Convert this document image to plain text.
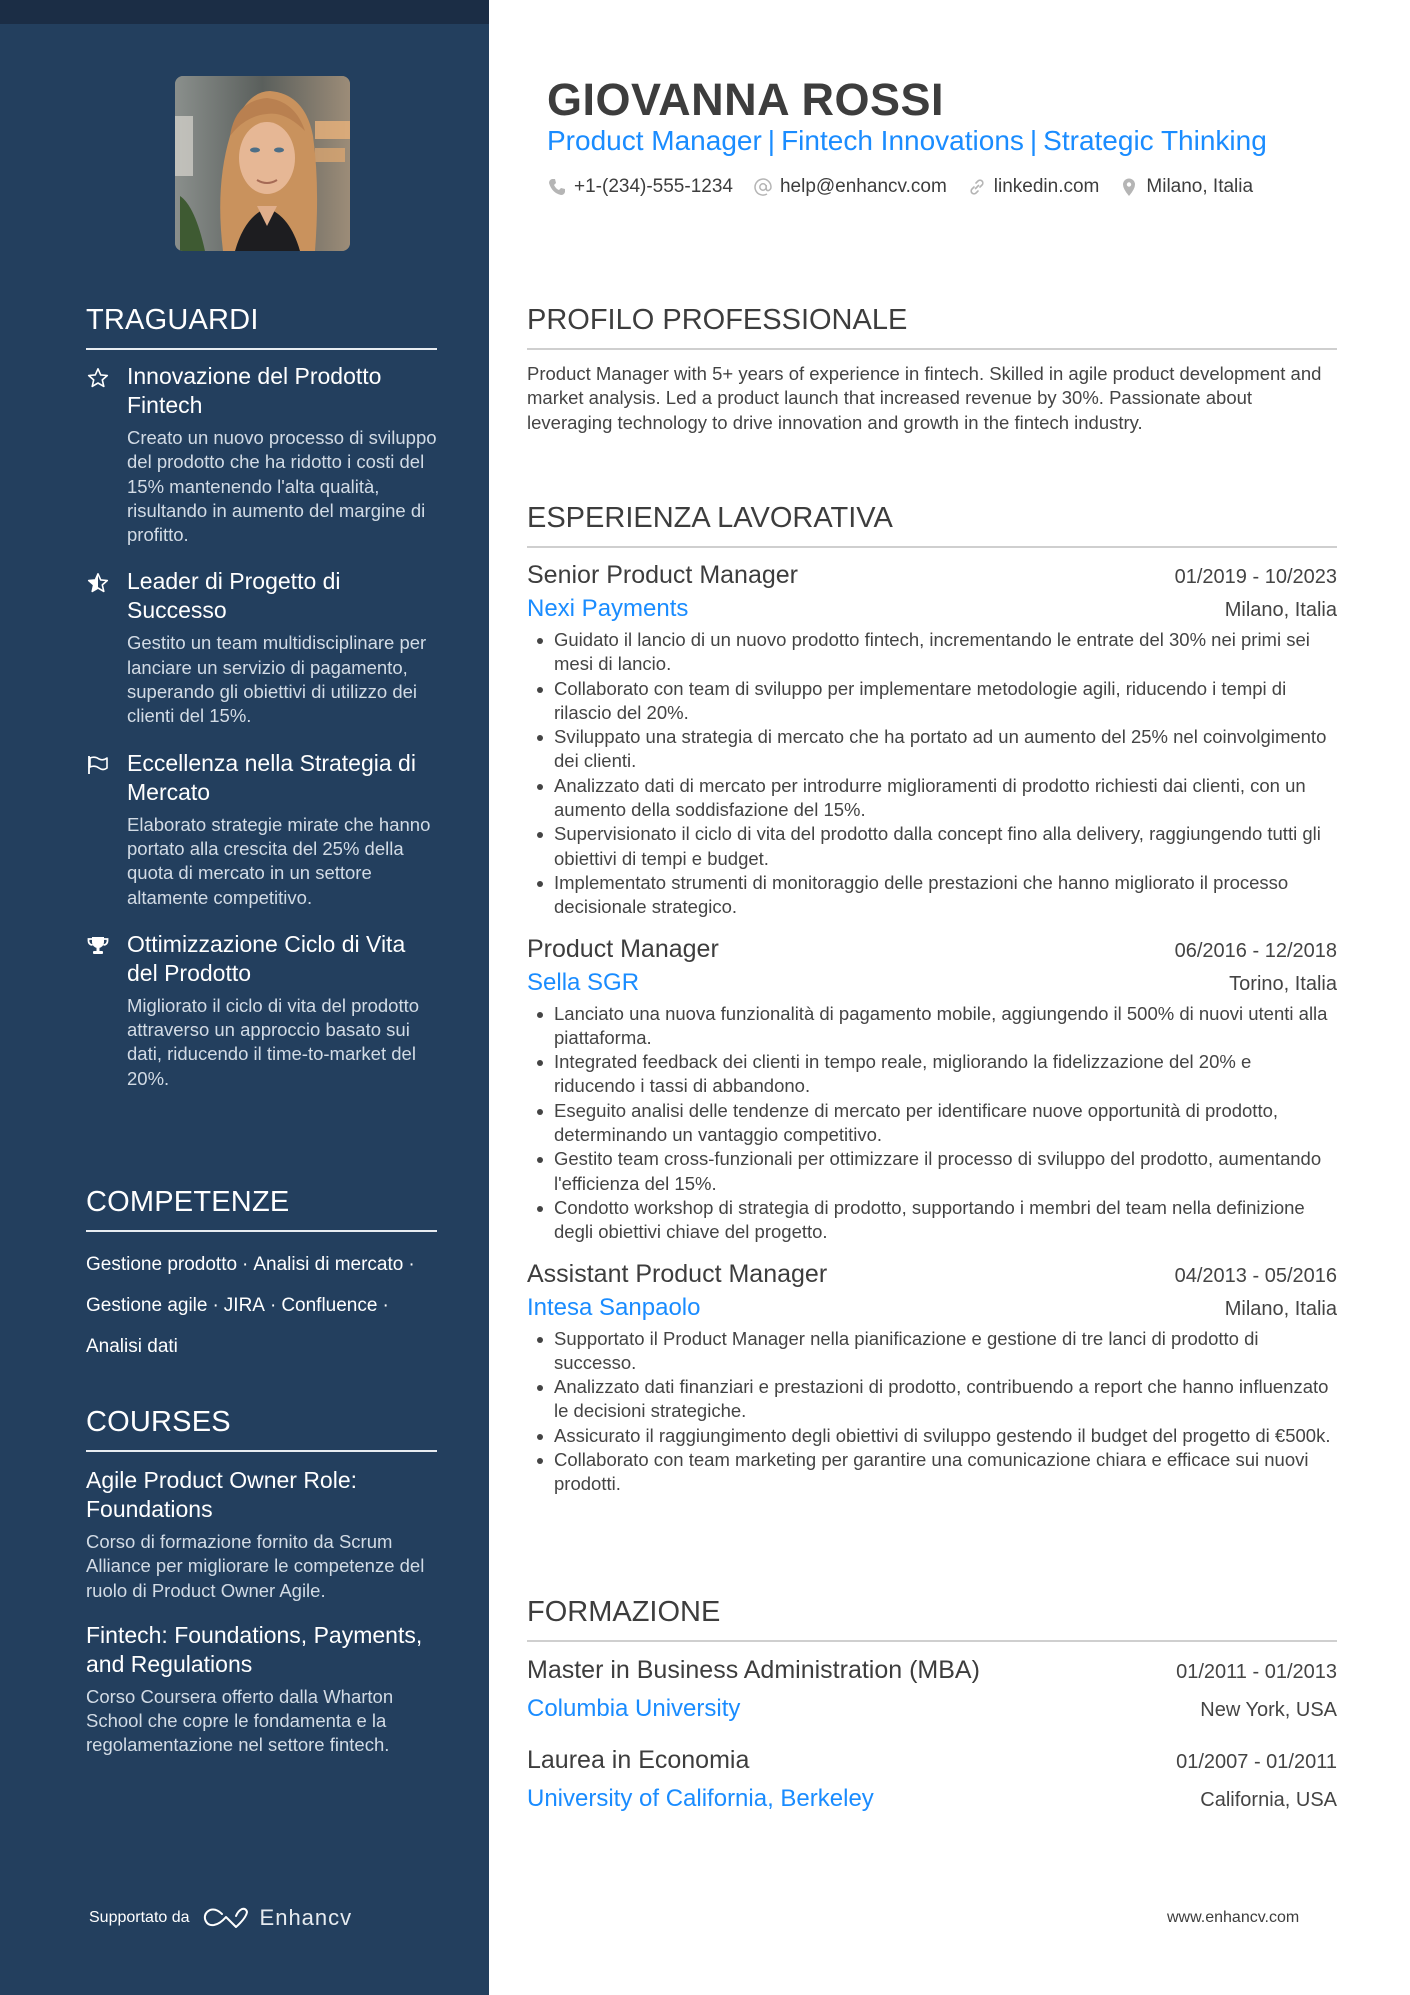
TRAGUARDI
Innovazione del Prodotto Fintech
Creato un nuovo processo di sviluppo del prodotto che ha ridotto i costi del 15% mantenendo l'alta qualità, risultando in aumento del margine di profitto.
Leader di Progetto di Successo
Gestito un team multidisciplinare per lanciare un servizio di pagamento, superando gli obiettivi di utilizzo dei clienti del 15%.
Eccellenza nella Strategia di Mercato
Elaborato strategie mirate che hanno portato alla crescita del 25% della quota di mercato in un settore altamente competitivo.
Ottimizzazione Ciclo di Vita del Prodotto
Migliorato il ciclo di vita del prodotto attraverso un approccio basato sui dati, riducendo il time-to-market del 20%.
COMPETENZE
Gestione prodotto · Analisi di mercato ·
Gestione agile · JIRA · Confluence ·
Analisi dati
COURSES
Agile Product Owner Role: Foundations
Corso di formazione fornito da Scrum Alliance per migliorare le competenze del ruolo di Product Owner Agile.
Fintech: Foundations, Payments, and Regulations
Corso Coursera offerto dalla Wharton School che copre le fondamenta e la regolamentazione nel settore fintech.
Supportato da	Enhancv
GIOVANNA ROSSI
Product Manager | Fintech Innovations | Strategic Thinking
+1-(234)-555-1234 help@enhancv.com linkedin.com Milano, Italia
PROFILO PROFESSIONALE

Product Manager with 5+ years of experience in fintech. Skilled in agile product development and market analysis. Led a product launch that increased revenue by 30%. Passionate about leveraging technology to drive innovation and growth in the fintech industry.

ESPERIENZA LAVORATIVA
Senior Product Manager	01/2019 - 10/2023
Nexi Payments	Milano, Italia
Guidato il lancio di un nuovo prodotto fintech, incrementando le entrate del 30% nei primi sei mesi di lancio.
Collaborato con team di sviluppo per implementare metodologie agili, riducendo i tempi di rilascio del 20%.
Sviluppato una strategia di mercato che ha portato ad un aumento del 25% nel coinvolgimento dei clienti.
Analizzato dati di mercato per introdurre miglioramenti di prodotto richiesti dai clienti, con un aumento della soddisfazione del 15%.
Supervisionato il ciclo di vita del prodotto dalla concept fino alla delivery, raggiungendo tutti gli obiettivi di tempi e budget.
Implementato strumenti di monitoraggio delle prestazioni che hanno migliorato il processo decisionale strategico.
Product Manager	06/2016 - 12/2018
Sella SGR	Torino, Italia
Lanciato una nuova funzionalità di pagamento mobile, aggiungendo il 500% di nuovi utenti alla piattaforma.
Integrated feedback dei clienti in tempo reale, migliorando la fidelizzazione del 20% e riducendo i tassi di abbandono.
Eseguito analisi delle tendenze di mercato per identificare nuove opportunità di prodotto, determinando un vantaggio competitivo.
Gestito team cross-funzionali per ottimizzare il processo di sviluppo del prodotto, aumentando l'efficienza del 15%.
Condotto workshop di strategia di prodotto, supportando i membri del team nella definizione degli obiettivi chiave del progetto.
Assistant Product Manager	04/2013 - 05/2016
Intesa Sanpaolo	Milano, Italia
Supportato il Product Manager nella pianificazione e gestione di tre lanci di prodotto di successo.
Analizzato dati finanziari e prestazioni di prodotto, contribuendo a report che hanno influenzato le decisioni strategiche.
Assicurato il raggiungimento degli obiettivi di sviluppo gestendo il budget del progetto di €500k.
Collaborato con team marketing per garantire una comunicazione chiara e efficace sui nuovi prodotti.
FORMAZIONE
Master in Business Administration (MBA)	01/2011 - 01/2013
Columbia University	New York, USA
Laurea in Economia	01/2007 - 01/2011
University of California, Berkeley	California, USA
www.enhancv.com
